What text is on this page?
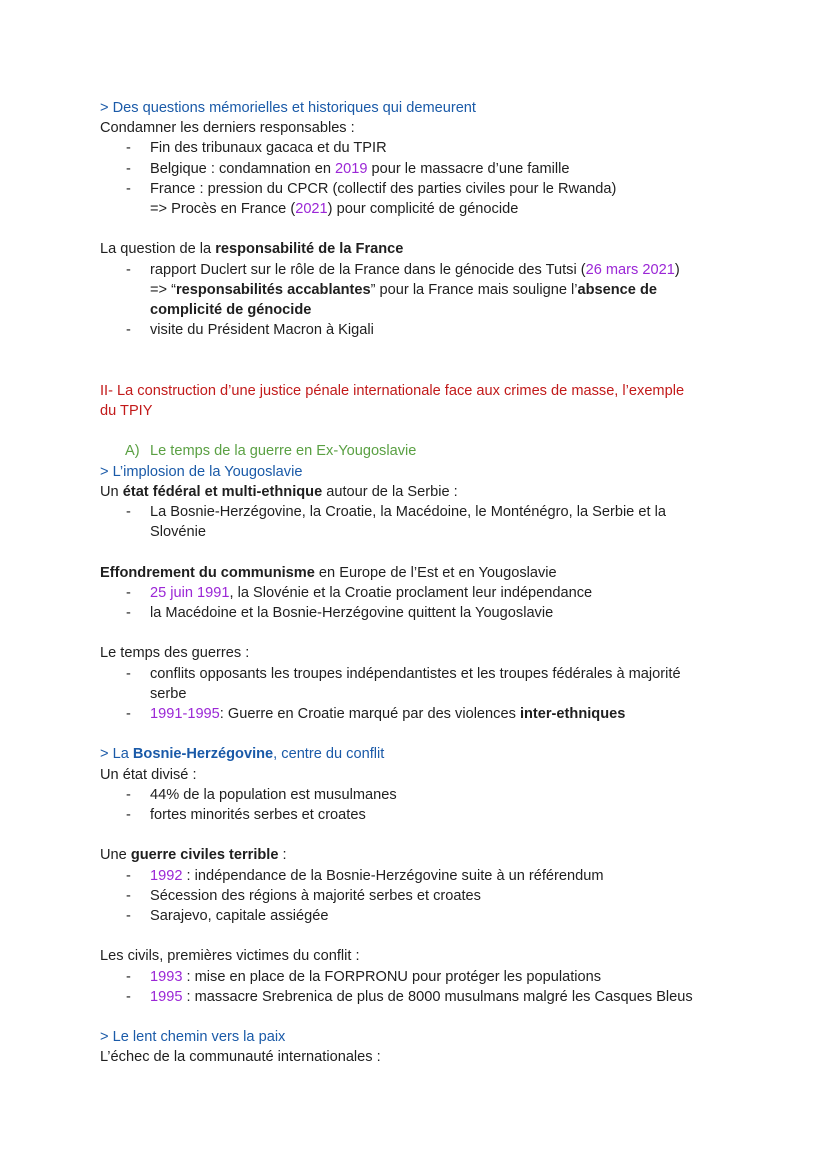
> Des questions mémorielles et historiques qui demeurent
Condamner les derniers responsables :
- Fin des tribunaux gacaca et du TPIR
- Belgique : condamnation en 2019 pour le massacre d’une famille
- France : pression du CPCR (collectif des parties civiles pour le Rwanda)
=> Procès en France (2021) pour complicité de génocide
La question de la responsabilité de la France
- rapport Duclert sur le rôle de la France dans le génocide des Tutsi (26 mars 2021)
=> “responsabilités accablantes” pour la France mais souligne l’absence de
complicité de génocide
- visite du Président Macron à Kigali
II- La construction d’une justice pénale internationale face aux crimes de masse, l’exemple
du TPIY
A) Le temps de la guerre en Ex-Yougoslavie
> L’implosion de la Yougoslavie
Un état fédéral et multi-ethnique autour de la Serbie :
- La Bosnie-Herzégovine, la Croatie, la Macédoine, le Monténégro, la Serbie et la
Slovénie
Effondrement du communisme en Europe de l’Est et en Yougoslavie
- 25 juin 1991, la Slovénie et la Croatie proclament leur indépendance
- la Macédoine et la Bosnie-Herzégovine quittent la Yougoslavie
Le temps des guerres :
- conflits opposants les troupes indépendantistes et les troupes fédérales à majorité
serbe
- 1991-1995: Guerre en Croatie marqué par des violences inter-ethniques
> La Bosnie-Herzégovine, centre du conflit
Un état divisé :
- 44% de la population est musulmanes
- fortes minorités serbes et croates
Une guerre civiles terrible :
- 1992 : indépendance de la Bosnie-Herzégovine suite à un référendum
- Sécession des régions à majorité serbes et croates
- Sarajevo, capitale assiégée
Les civils, premières victimes du conflit :
- 1993 : mise en place de la FORPRONU pour protéger les populations
- 1995 : massacre Srebrenica de plus de 8000 musulmans malgré les Casques Bleus
> Le lent chemin vers la paix
L’échec de la communauté internationales :
